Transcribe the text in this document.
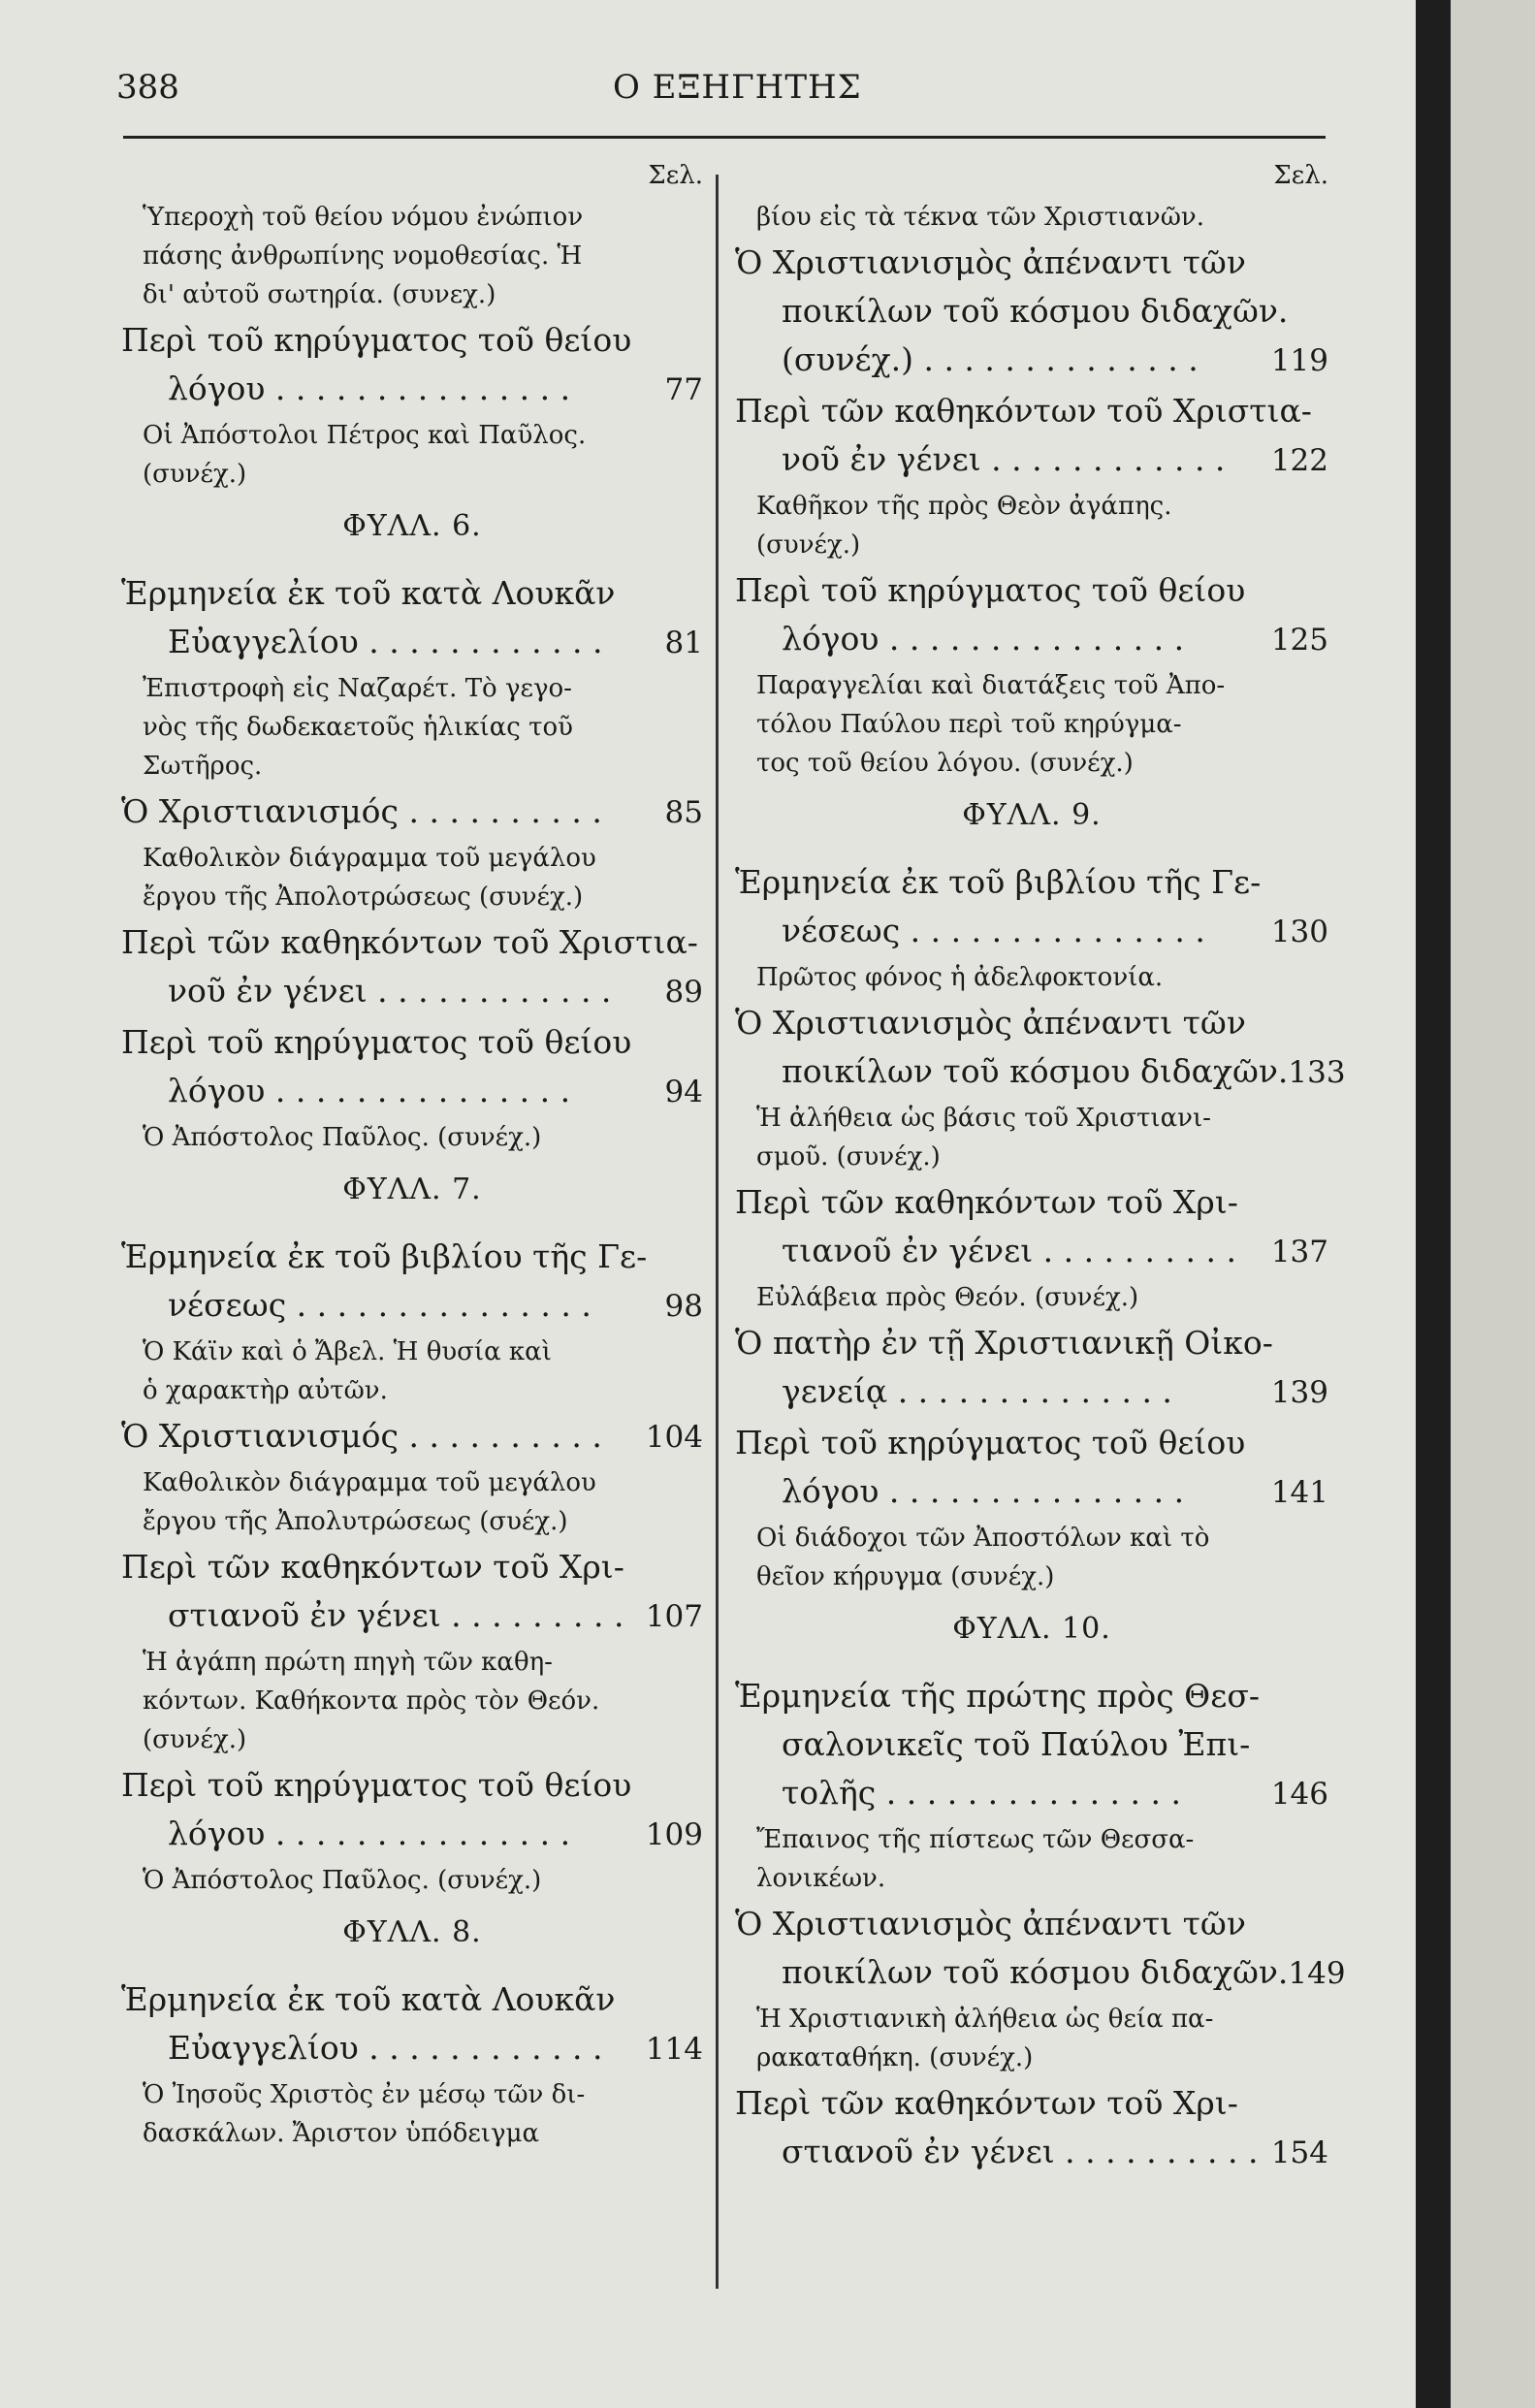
388	Ο ΕΞΗΓΗΤΗΣ
Σελ.
Ὑπεροχὴ τοῦ θείου νόμου ἐνώπιον
πάσης ἀνθρωπίνης νομοθεσίας. Ἡ
δι' αὐτοῦ σωτηρία. (συνεχ.)
Περὶ τοῦ κηρύγματος τοῦ θείου
λόγου . . . . . . . . . . . . . . .	77
Οἱ Ἀπόστολοι Πέτρος καὶ Παῦλος.
(συνέχ.)
ΦΥΛΛ. 6.
Ἑρμηνεία ἐκ τοῦ κατὰ Λουκᾶν
Εὐαγγελίου . . . . . . . . . . . .	81
Ἐπιστροφὴ εἰς Ναζαρέτ. Τὸ γεγο-
νὸς τῆς δωδεκαετοῦς ἡλικίας τοῦ
Σωτῆρος.
Ὁ Χριστιανισμός . . . . . . . . . .	85
Καθολικὸν διάγραμμα τοῦ μεγάλου
ἔργου τῆς Ἀπολοτρώσεως (συνέχ.)
Περὶ τῶν καθηκόντων τοῦ Χριστια-
νοῦ ἐν γένει . . . . . . . . . . . .	89
Περὶ τοῦ κηρύγματος τοῦ θείου
λόγου . . . . . . . . . . . . . . .	94
Ὁ Ἀπόστολος Παῦλος. (συνέχ.)
ΦΥΛΛ. 7.
Ἑρμηνεία ἐκ τοῦ βιβλίου τῆς Γε-
νέσεως . . . . . . . . . . . . . . .	98
Ὁ Κάϊν καὶ ὁ Ἄβελ. Ἡ θυσία καὶ
ὁ χαρακτὴρ αὐτῶν.
Ὁ Χριστιανισμός . . . . . . . . . .	104
Καθολικὸν διάγραμμα τοῦ μεγάλου
ἔργου τῆς Ἀπολυτρώσεως (συέχ.)
Περὶ τῶν καθηκόντων τοῦ Χρι-
στιανοῦ ἐν γένει . . . . . . . . . 107
Ἡ ἀγάπη πρώτη πηγὴ τῶν καθη-
κόντων. Καθήκοντα πρὸς τὸν Θεόν.
(συνέχ.)
Περὶ τοῦ κηρύγματος τοῦ θείου
λόγου . . . . . . . . . . . . . . .	109
Ὁ Ἀπόστολος Παῦλος. (συνέχ.)
ΦΥΛΛ. 8.
Ἑρμηνεία ἐκ τοῦ κατὰ Λουκᾶν
Εὐαγγελίου . . . . . . . . . . . .	114
Ὁ Ἰησοῦς Χριστὸς ἐν μέσῳ τῶν δι-
δασκάλων. Ἄριστον ὑπόδειγμα
Σελ.
βίου εἰς τὰ τέκνα τῶν Χριστιανῶν.
Ὁ Χριστιανισμὸς ἀπέναντι τῶν
ποικίλων τοῦ κόσμου διδαχῶν.
(συνέχ.) . . . . . . . . . . . . . .	119
Περὶ τῶν καθηκόντων τοῦ Χριστια-
νοῦ ἐν γένει . . . . . . . . . . . .	122
Καθῆκον τῆς πρὸς Θεὸν ἀγάπης.
(συνέχ.)
Περὶ τοῦ κηρύγματος τοῦ θείου
λόγου . . . . . . . . . . . . . . .	125
Παραγγελίαι καὶ διατάξεις τοῦ Ἀπο-
τόλου Παύλου περὶ τοῦ κηρύγμα-
τος τοῦ θείου λόγου. (συνέχ.)
ΦΥΛΛ. 9.
Ἑρμηνεία ἐκ τοῦ βιβλίου τῆς Γε-
νέσεως . . . . . . . . . . . . . . .	130
Πρῶτος φόνος ἡ ἀδελφοκτονία.
Ὁ Χριστιανισμὸς ἀπέναντι τῶν
ποικίλων τοῦ κόσμου διδαχῶν. 133
Ἡ ἀλήθεια ὡς βάσις τοῦ Χριστιανι-
σμοῦ. (συνέχ.)
Περὶ τῶν καθηκόντων τοῦ Χρι-
τιανοῦ ἐν γένει . . . . . . . . . .	137
Εὐλάβεια πρὸς Θεόν. (συνέχ.)
Ὁ πατὴρ ἐν τῇ Χριστιανικῇ Οἰκο-
γενείᾳ . . . . . . . . . . . . . .	139
Περὶ τοῦ κηρύγματος τοῦ θείου
λόγου . . . . . . . . . . . . . . .	141
Οἱ διάδοχοι τῶν Ἀποστόλων καὶ τὸ
θεῖον κήρυγμα (συνέχ.)
ΦΥΛΛ. 10.
Ἑρμηνεία τῆς πρώτης πρὸς Θεσ-
σαλονικεῖς τοῦ Παύλου Ἐπι-
τολῆς . . . . . . . . . . . . . . .	146
Ἔπαινος τῆς πίστεως τῶν Θεσσα-
λονικέων.
Ὁ Χριστιανισμὸς ἀπέναντι τῶν
ποικίλων τοῦ κόσμου διδαχῶν. 149
Ἡ Χριστιανικὴ ἀλήθεια ὡς θεία πα-
ρακαταθήκη. (συνέχ.)
Περὶ τῶν καθηκόντων τοῦ Χρι-
στιανοῦ ἐν γένει . . . . . . . . . . 154
